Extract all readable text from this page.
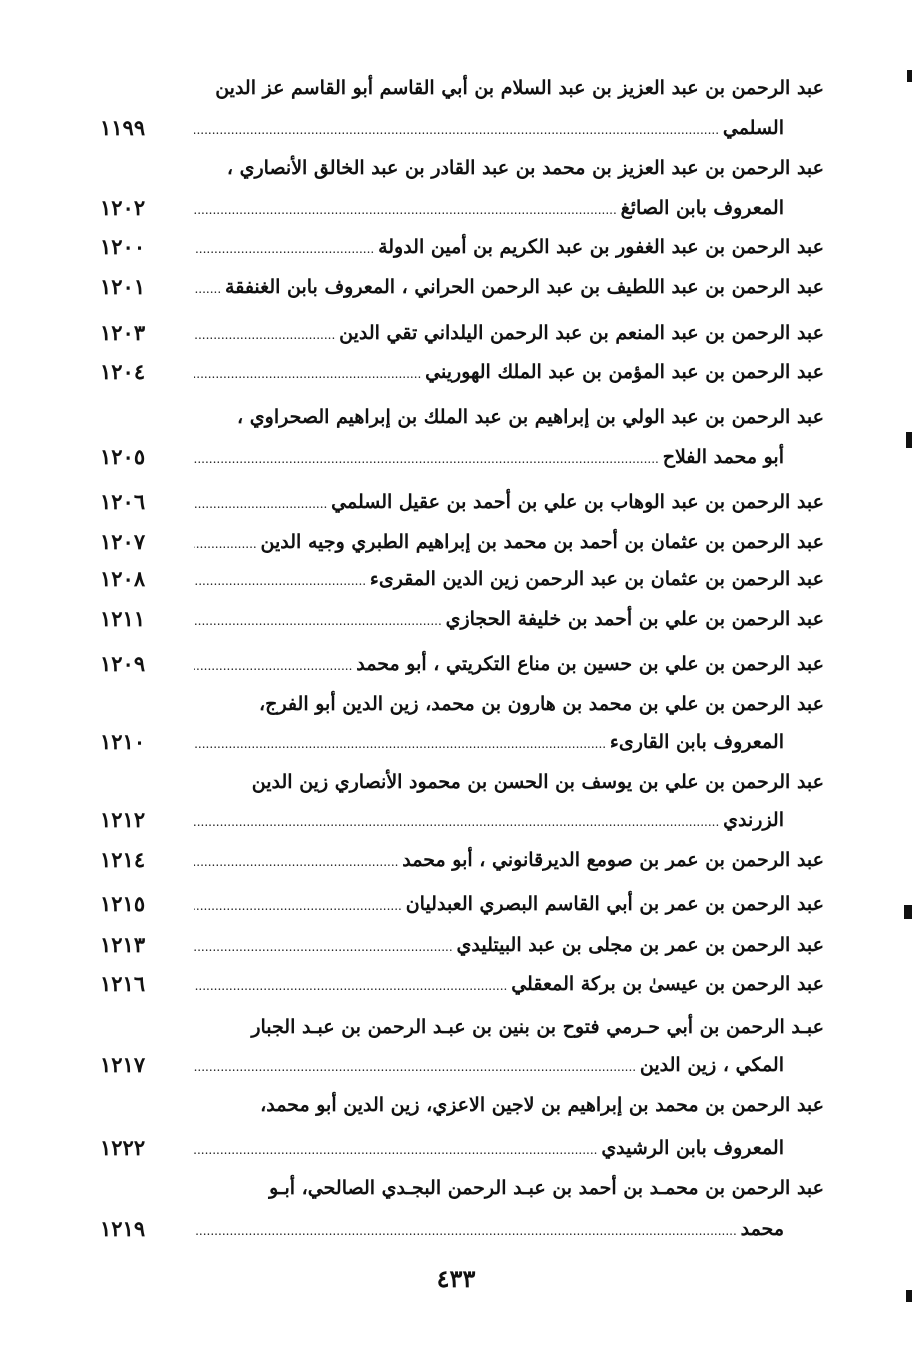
عبد الرحمن بن عبد العزيز بن عبد السلام بن أبي القاسم أبو القاسم عز الدين
السلمي .....
١١٩٩
عبد الرحمن بن عبد العزيز بن محمد بن عبد القادر بن عبد الخالق الأنصاري ،
المعروف بابن الصائغ .....
١٢٠٢
عبد الرحمن بن عبد الغفور بن عبد الكريم بن أمين الدولة .....
١٢٠٠
عبد الرحمن بن عبد اللطيف بن عبد الرحمن الحراني ، المعروف بابن الغنفقة .....
١٢٠١
عبد الرحمن بن عبد المنعم بن عبد الرحمن اليلداني تقي الدين .....
١٢٠٣
عبد الرحمن بن عبد المؤمن بن عبد الملك الهوريني .....
١٢٠٤
عبد الرحمن بن عبد الولي بن إبراهيم بن عبد الملك بن إبراهيم الصحراوي ،
أبو محمد الفلاح .....
١٢٠٥
عبد الرحمن بن عبد الوهاب بن علي بن أحمد بن عقيل السلمي .....
١٢٠٦
عبد الرحمن بن عثمان بن أحمد بن محمد بن إبراهيم الطبري وجيه الدين .....
١٢٠٧
عبد الرحمن بن عثمان بن عبد الرحمن زين الدين المقرىء .....
١٢٠٨
عبد الرحمن بن علي بن أحمد بن خليفة الحجازي .....
١٢١١
عبد الرحمن بن علي بن حسين بن مناع التكريتي ، أبو محمد .....
١٢٠٩
عبد الرحمن بن علي بن محمد بن هارون بن محمد، زين الدين أبو الفرج،
المعروف بابن القارىء .....
١٢١٠
عبد الرحمن بن علي بن يوسف بن الحسن بن محمود الأنصاري زين الدين
الزرندي .....
١٢١٢
عبد الرحمن بن عمر بن صومع الديرقانوني ، أبو محمد .....
١٢١٤
عبد الرحمن بن عمر بن أبي القاسم البصري العبدليان .....
١٢١٥
عبد الرحمن بن عمر بن مجلى بن عبد البيتليدي .....
١٢١٣
عبد الرحمن بن عيسىٰ بن بركة المعقلي .....
١٢١٦
عبـد الرحمن بن أبي حـرمي فتوح بن بنين بن عبـد الرحمن بن عبـد الجبار
المكي ، زين الدين .....
١٢١٧
عبد الرحمن بن محمد بن إبراهيم بن لاجين الاعزي، زين الدين أبو محمد،
المعروف بابن الرشيدي .....
١٢٢٢
عبد الرحمن بن محمـد بن أحمد بن عبـد الرحمن البجـدي الصالحي، أبـو
محمد .....
١٢١٩
٤٣٣
